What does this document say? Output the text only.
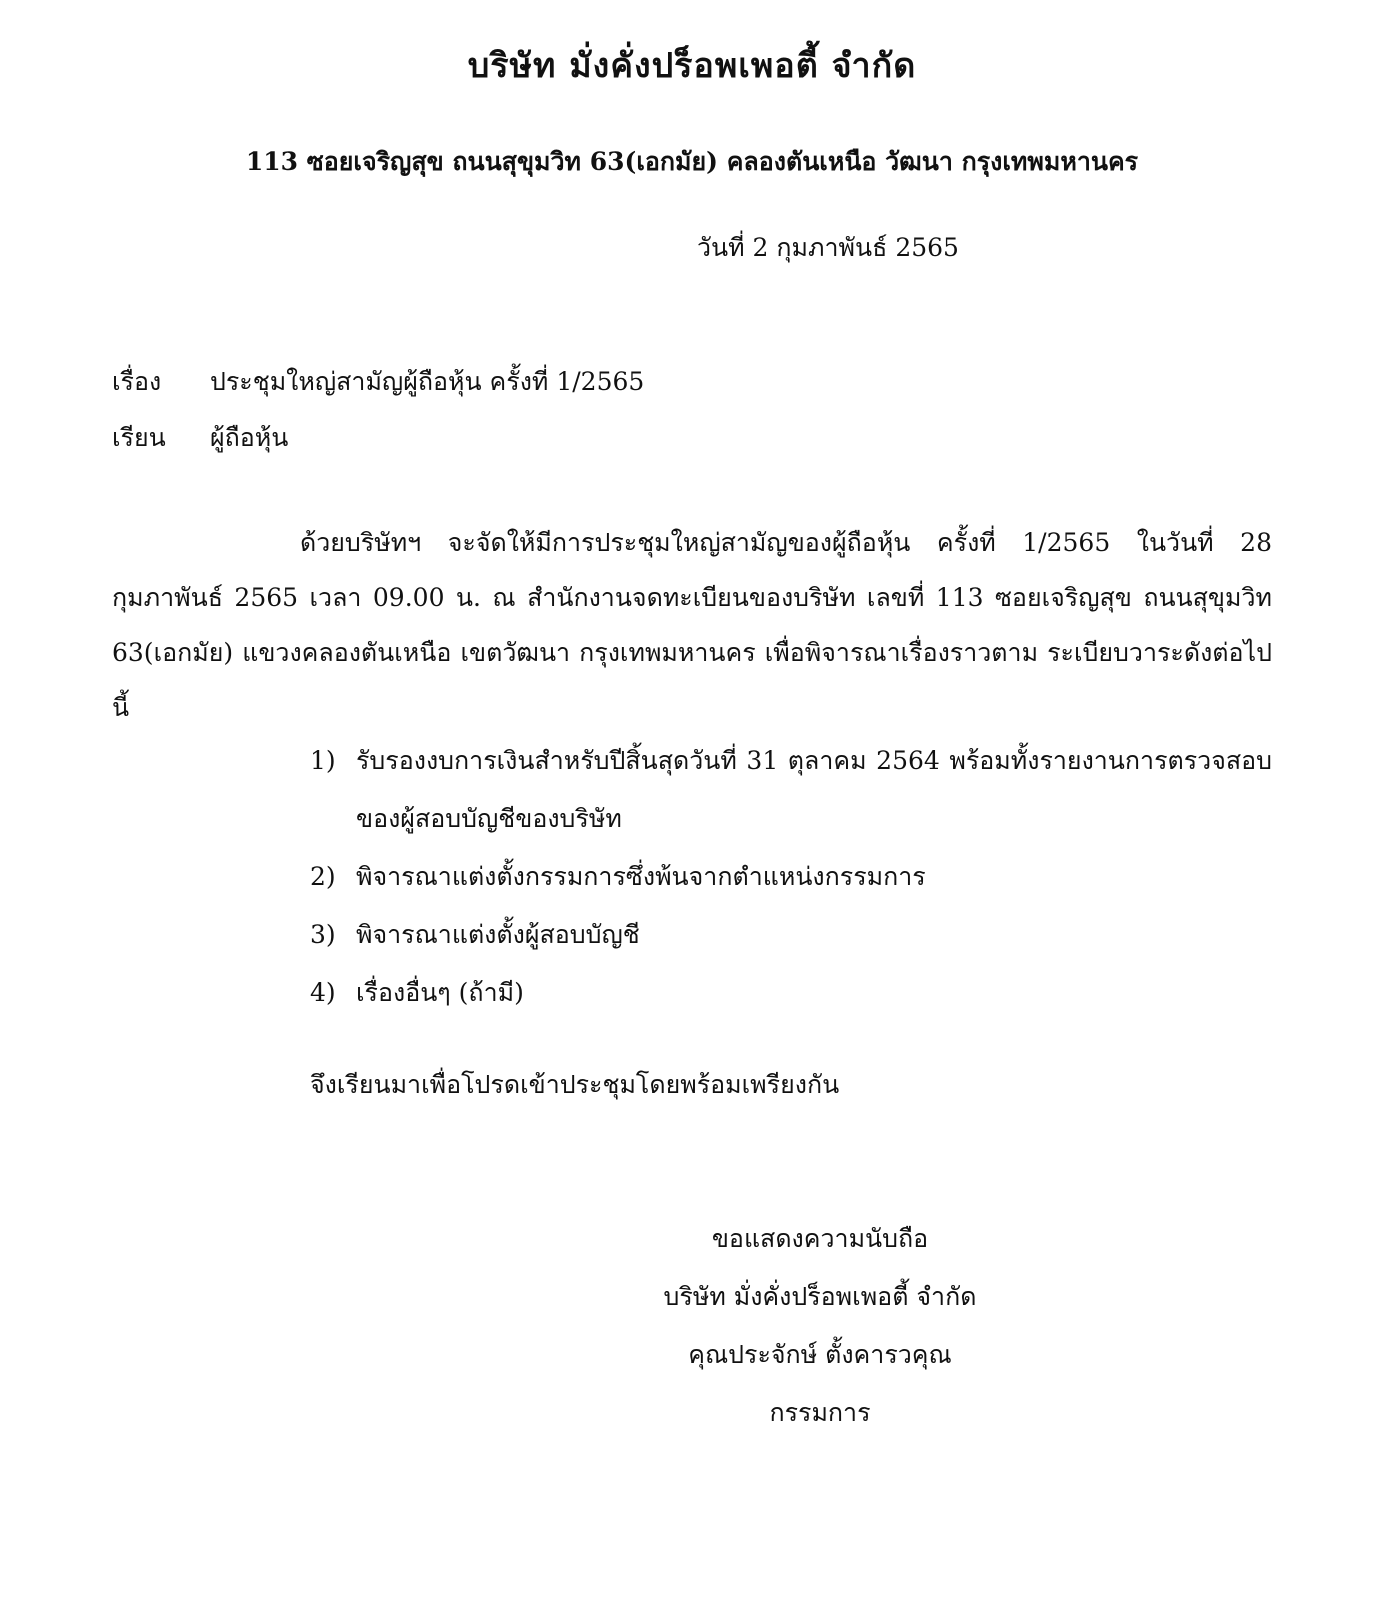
บริษัท มั่งคั่งปร็อพเพอตี้ จำกัด
113 ซอยเจริญสุข ถนนสุขุมวิท 63(เอกมัย) คลองตันเหนือ วัฒนา กรุงเทพมหานคร
วันที่ 2 กุมภาพันธ์ 2565
เรื่อง ประชุมใหญ่สามัญผู้ถือหุ้น ครั้งที่ 1/2565
เรียน ผู้ถือหุ้น
ด้วยบริษัทฯ จะจัดให้มีการประชุมใหญ่สามัญของผู้ถือหุ้น ครั้งที่ 1/2565 ในวันที่ 28 กุมภาพันธ์ 2565 เวลา 09.00 น. ณ สำนักงานจดทะเบียนของบริษัท เลขที่ 113 ซอยเจริญสุข ถนนสุขุมวิท 63(เอกมัย) แขวงคลองตันเหนือ เขตวัฒนา กรุงเทพมหานคร เพื่อพิจารณาเรื่องราวตาม ระเบียบวาระดังต่อไปนี้
1) รับรองงบการเงินสำหรับปีสิ้นสุดวันที่ 31 ตุลาคม 2564 พร้อมทั้งรายงานการตรวจสอบของผู้สอบบัญชีของบริษัท
2) พิจารณาแต่งตั้งกรรมการซึ่งพ้นจากตำแหน่งกรรมการ
3) พิจารณาแต่งตั้งผู้สอบบัญชี
4) เรื่องอื่นๆ (ถ้ามี)
จึงเรียนมาเพื่อโปรดเข้าประชุมโดยพร้อมเพรียงกัน
ขอแสดงความนับถือ
บริษัท มั่งคั่งปร็อพเพอตี้ จำกัด
คุณประจักษ์ ตั้งคารวคุณ
กรรมการ
